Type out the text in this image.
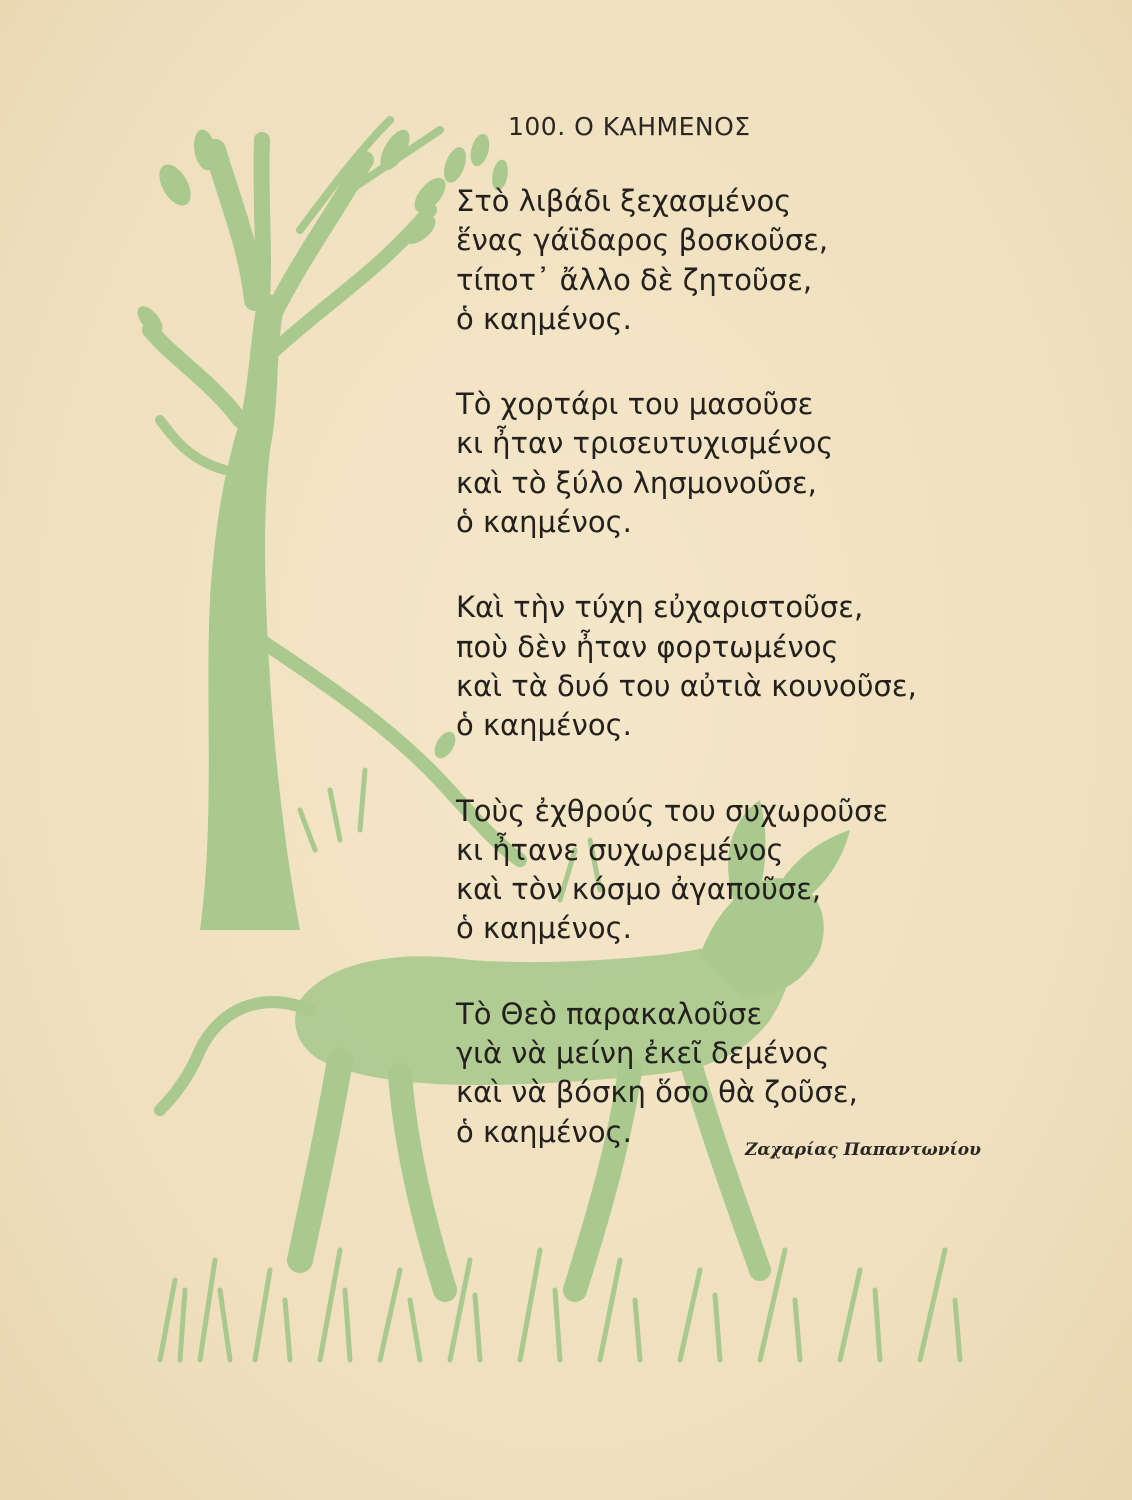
100. Ο ΚΑΗΜΕΝΟΣ
Στὸ λιβάδι ξεχασμένος
ἕνας γάϊδαρος βοσκοῦσε,
τίποτ᾽ ἄλλο δὲ ζητοῦσε,
ὁ καημένος.
Τὸ χορτάρι του μασοῦσε
κι ἦταν τρισευτυχισμένος
καὶ τὸ ξύλο λησμονοῦσε,
ὁ καημένος.
Καὶ τὴν τύχη εὐχαριστοῦσε,
ποὺ δὲν ἦταν φορτωμένος
καὶ τὰ δυό του αὐτιὰ κουνοῦσε,
ὁ καημένος.
Τοὺς ἐχθρούς του συχωροῦσε
κι ἦτανε συχωρεμένος
καὶ τὸν κόσμο ἀγαποῦσε,
ὁ καημένος.
Τὸ Θεὸ παρακαλοῦσε
γιὰ νὰ μείνη ἐκεῖ δεμένος
καὶ νὰ βόσκη ὅσο θὰ ζοῦσε,
ὁ καημένος.
Ζαχαρίας Παπαντωνίου
